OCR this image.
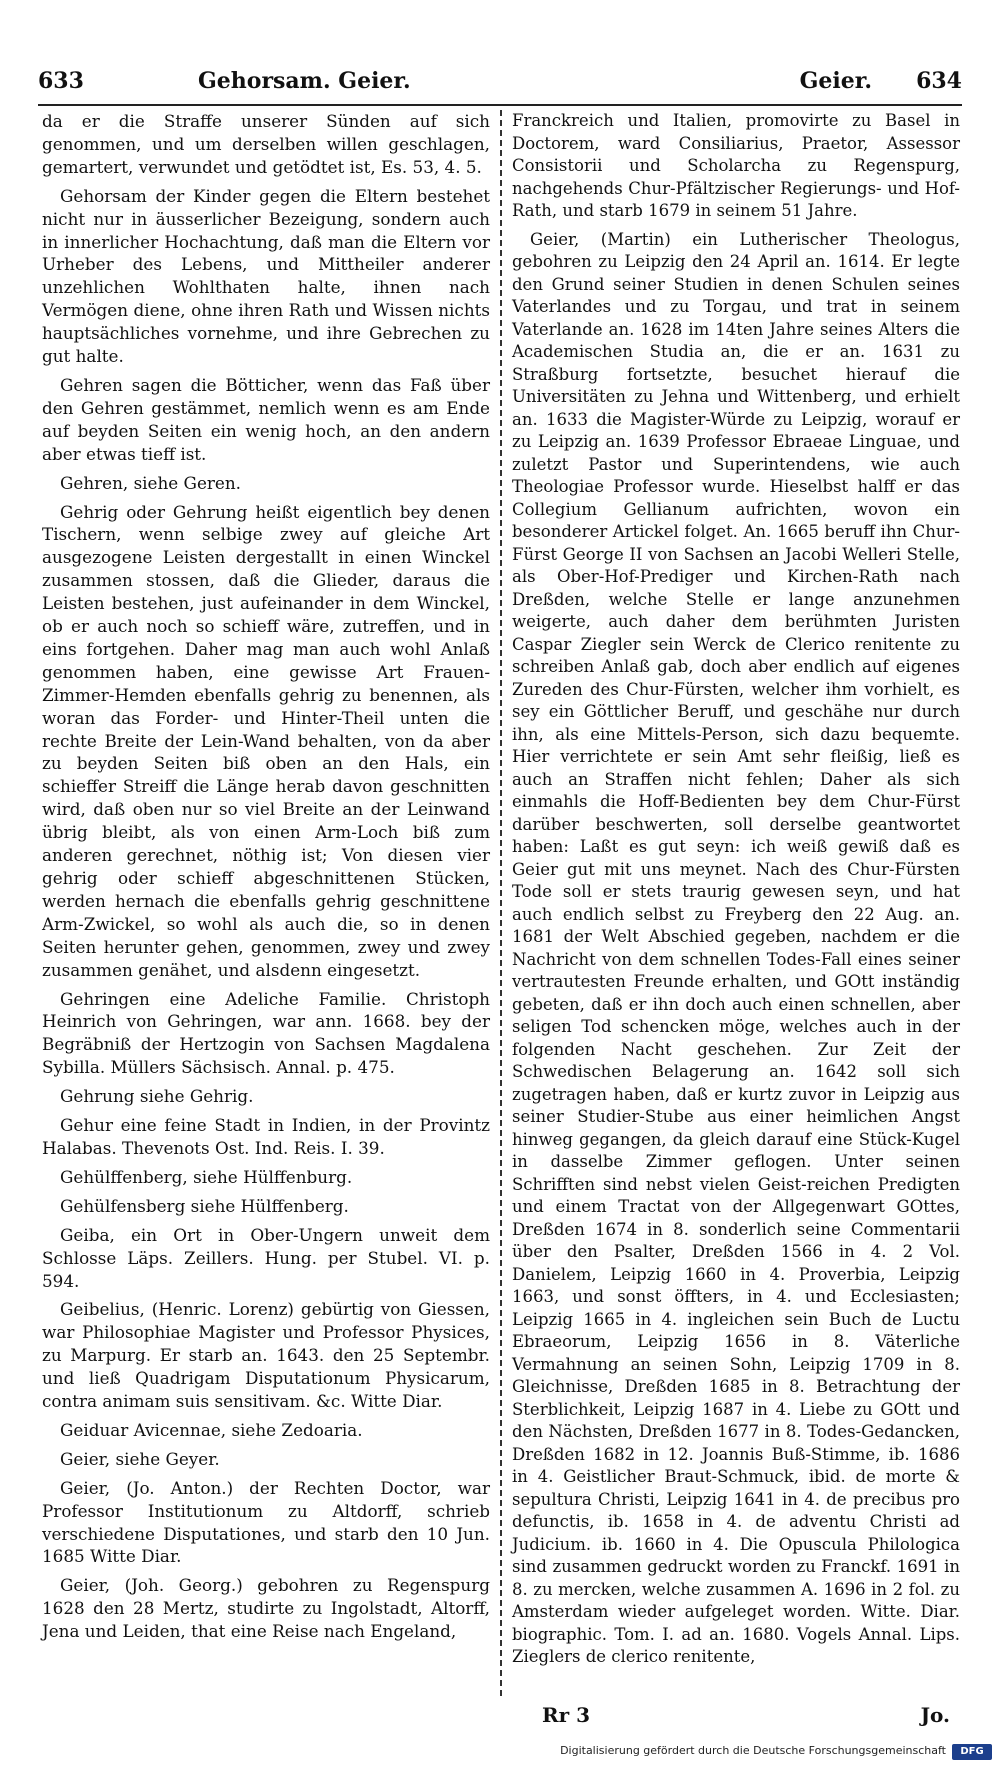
633	Gehorsam. Geier.	Geier. 634

da er die Straffe unserer Sünden auf sich genommen, und um derselben willen geschlagen, gemartert, verwundet und getödtet ist, Es. 53, 4. 5.

Gehorsam der Kinder gegen die Eltern bestehet nicht nur in äusserlicher Bezeigung, sondern auch in innerlicher Hochachtung, daß man die Eltern vor Urheber des Lebens, und Mittheiler anderer unzehlichen Wohlthaten halte, ihnen nach Vermögen diene, ohne ihren Rath und Wissen nichts hauptsächliches vornehme, und ihre Gebrechen zu gut halte.

Gehren sagen die Bötticher, wenn das Faß über den Gehren gestämmet, nemlich wenn es am Ende auf beyden Seiten ein wenig hoch, an den andern aber etwas tieff ist.

Gehren, siehe Geren.

Gehrig oder Gehrung heißt eigentlich bey denen Tischern, wenn selbige zwey auf gleiche Art ausgezogene Leisten dergestallt in einen Winckel zusammen stossen, daß die Glieder, daraus die Leisten bestehen, just aufeinander in dem Winckel, ob er auch noch so schieff wäre, zutreffen, und in eins fortgehen. Daher mag man auch wohl Anlaß genommen haben, eine gewisse Art Frauen-Zimmer-Hemden ebenfalls gehrig zu benennen, als woran das Forder- und Hinter-Theil unten die rechte Breite der Lein-Wand behalten, von da aber zu beyden Seiten biß oben an den Hals, ein schieffer Streiff die Länge herab davon geschnitten wird, daß oben nur so viel Breite an der Leinwand übrig bleibt, als von einen Arm-Loch biß zum anderen gerechnet, nöthig ist; Von diesen vier gehrig oder schieff abgeschnittenen Stücken, werden hernach die ebenfalls gehrig geschnittene Arm-Zwickel, so wohl als auch die, so in denen Seiten herunter gehen, genommen, zwey und zwey zusammen genähet, und alsdenn eingesetzt.

Gehringen eine Adeliche Familie. Christoph Heinrich von Gehringen, war ann. 1668. bey der Begräbniß der Hertzogin von Sachsen Magdalena Sybilla. Müllers Sächsisch. Annal. p. 475.

Gehrung siehe Gehrig.

Gehur eine feine Stadt in Indien, in der Provintz Halabas. Thevenots Ost. Ind. Reis. I. 39.

Gehülffenberg, siehe Hülffenburg.

Gehülfensberg siehe Hülffenberg.

Geiba, ein Ort in Ober-Ungern unweit dem Schlosse Läps. Zeillers. Hung. per Stubel. VI. p. 594.

Geibelius, (Henric. Lorenz) gebürtig von Giessen, war Philosophiae Magister und Professor Physices, zu Marpurg. Er starb an. 1643. den 25 Septembr. und ließ Quadrigam Disputationum Physicarum, contra animam suis sensitivam. &c. Witte Diar.

Geiduar Avicennae, siehe Zedoaria.

Geier, siehe Geyer.

Geier, (Jo. Anton.) der Rechten Doctor, war Professor Institutionum zu Altdorff, schrieb verschiedene Disputationes, und starb den 10 Jun. 1685 Witte Diar.

Geier, (Joh. Georg.) gebohren zu Regenspurg 1628 den 28 Mertz, studirte zu Ingolstadt, Altorff, Jena und Leiden, that eine Reise nach Engeland,

Franckreich und Italien, promovirte zu Basel in Doctorem, ward Consiliarius, Praetor, Assessor Consistorii und Scholarcha zu Regenspurg, nachgehends Chur-Pfältzischer Regierungs- und Hof-Rath, und starb 1679 in seinem 51 Jahre.

Geier, (Martin) ein Lutherischer Theologus, gebohren zu Leipzig den 24 April an. 1614. Er legte den Grund seiner Studien in denen Schulen seines Vaterlandes und zu Torgau, und trat in seinem Vaterlande an. 1628 im 14ten Jahre seines Alters die Academischen Studia an, die er an. 1631 zu Straßburg fortsetzte, besuchet hierauf die Universitäten zu Jehna und Wittenberg, und erhielt an. 1633 die Magister-Würde zu Leipzig, worauf er zu Leipzig an. 1639 Professor Ebraeae Linguae, und zuletzt Pastor und Superintendens, wie auch Theologiae Professor wurde. Hieselbst halff er das Collegium Gellianum aufrichten, wovon ein besonderer Artickel folget. An. 1665 beruff ihn Chur-Fürst George II von Sachsen an Jacobi Welleri Stelle, als Ober-Hof-Prediger und Kirchen-Rath nach Dreßden, welche Stelle er lange anzunehmen weigerte, auch daher dem berühmten Juristen Caspar Ziegler sein Werck de Clerico renitente zu schreiben Anlaß gab, doch aber endlich auf eigenes Zureden des Chur-Fürsten, welcher ihm vorhielt, es sey ein Göttlicher Beruff, und geschähe nur durch ihn, als eine Mittels-Person, sich dazu bequemte. Hier verrichtete er sein Amt sehr fleißig, ließ es auch an Straffen nicht fehlen; Daher als sich einmahls die Hoff-Bedienten bey dem Chur-Fürst darüber beschwerten, soll derselbe geantwortet haben: Laßt es gut seyn: ich weiß gewiß daß es Geier gut mit uns meynet. Nach des Chur-Fürsten Tode soll er stets traurig gewesen seyn, und hat auch endlich selbst zu Freyberg den 22 Aug. an. 1681 der Welt Abschied gegeben, nachdem er die Nachricht von dem schnellen Todes-Fall eines seiner vertrautesten Freunde erhalten, und GOtt inständig gebeten, daß er ihn doch auch einen schnellen, aber seligen Tod schencken möge, welches auch in der folgenden Nacht geschehen. Zur Zeit der Schwedischen Belagerung an. 1642 soll sich zugetragen haben, daß er kurtz zuvor in Leipzig aus seiner Studier-Stube aus einer heimlichen Angst hinweg gegangen, da gleich darauf eine Stück-Kugel in dasselbe Zimmer geflogen. Unter seinen Schrifften sind nebst vielen Geist-reichen Predigten und einem Tractat von der Allgegenwart GOttes, Dreßden 1674 in 8. sonderlich seine Commentarii über den Psalter, Dreßden 1566 in 4. 2 Vol. Danielem, Leipzig 1660 in 4. Proverbia, Leipzig 1663, und sonst öffters, in 4. und Ecclesiasten; Leipzig 1665 in 4. ingleichen sein Buch de Luctu Ebraeorum, Leipzig 1656 in 8. Väterliche Vermahnung an seinen Sohn, Leipzig 1709 in 8. Gleichnisse, Dreßden 1685 in 8. Betrachtung der Sterblichkeit, Leipzig 1687 in 4. Liebe zu GOtt und den Nächsten, Dreßden 1677 in 8. Todes-Gedancken, Dreßden 1682 in 12. Joannis Buß-Stimme, ib. 1686 in 4. Geistlicher Braut-Schmuck, ibid. de morte & sepultura Christi, Leipzig 1641 in 4. de precibus pro defunctis, ib. 1658 in 4. de adventu Christi ad Judicium. ib. 1660 in 4. Die Opuscula Philologica sind zusammen gedruckt worden zu Franckf. 1691 in 8. zu mercken, welche zusammen A. 1696 in 2 fol. zu Amsterdam wieder aufgeleget worden. Witte. Diar. biographic. Tom. I. ad an. 1680. Vogels Annal. Lips. Zieglers de clerico renitente,

Rr 3	Jo.
Digitalisierung gefördert durch die Deutsche Forschungsgemeinschaft	DFG
